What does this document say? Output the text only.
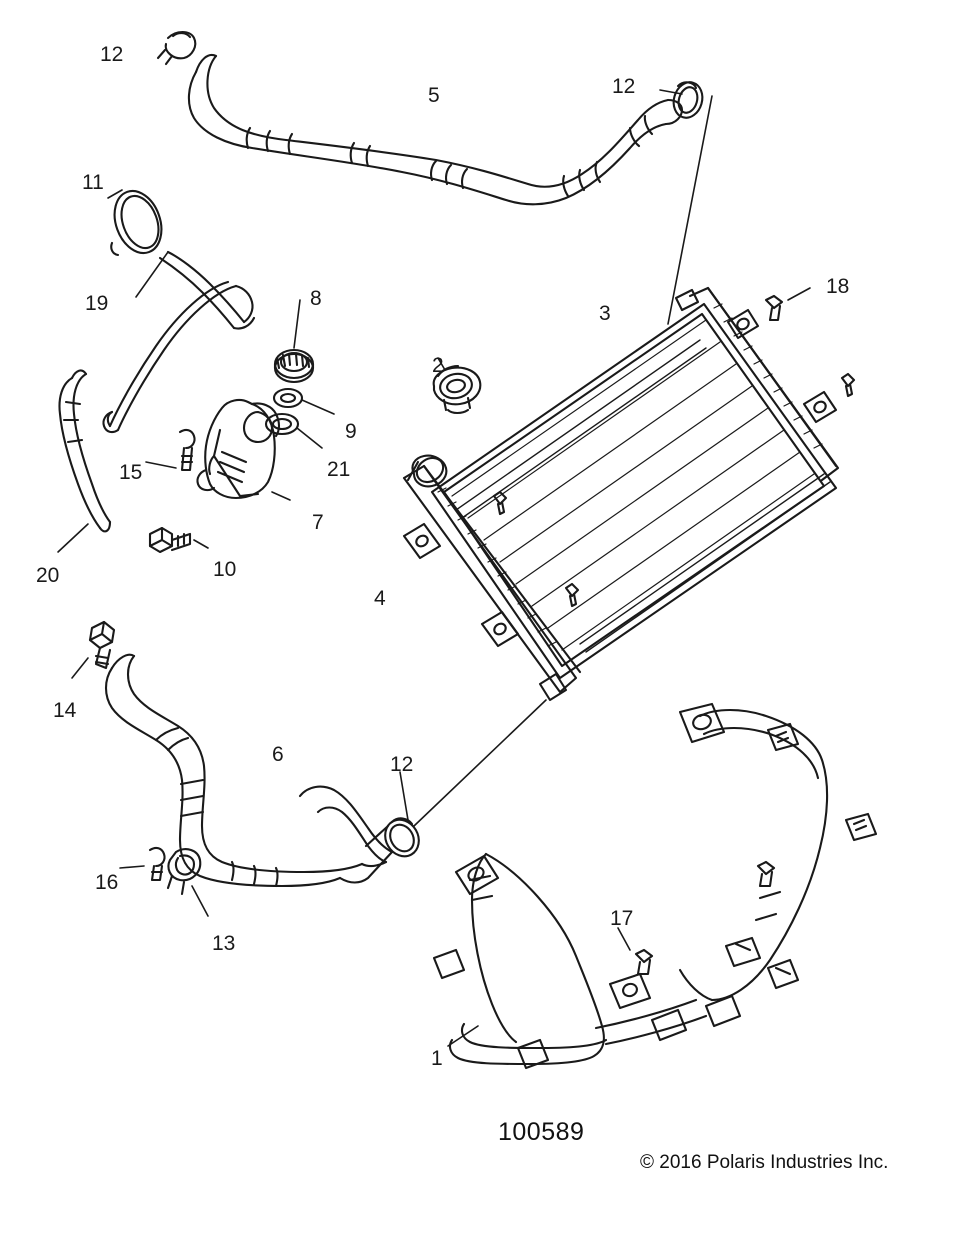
12
5	12
11
18
19	8
3
2
9
21
15
7
10
4
20
14
6	12
16
13
17
1
100589
© 2016 Polaris Industries Inc.
